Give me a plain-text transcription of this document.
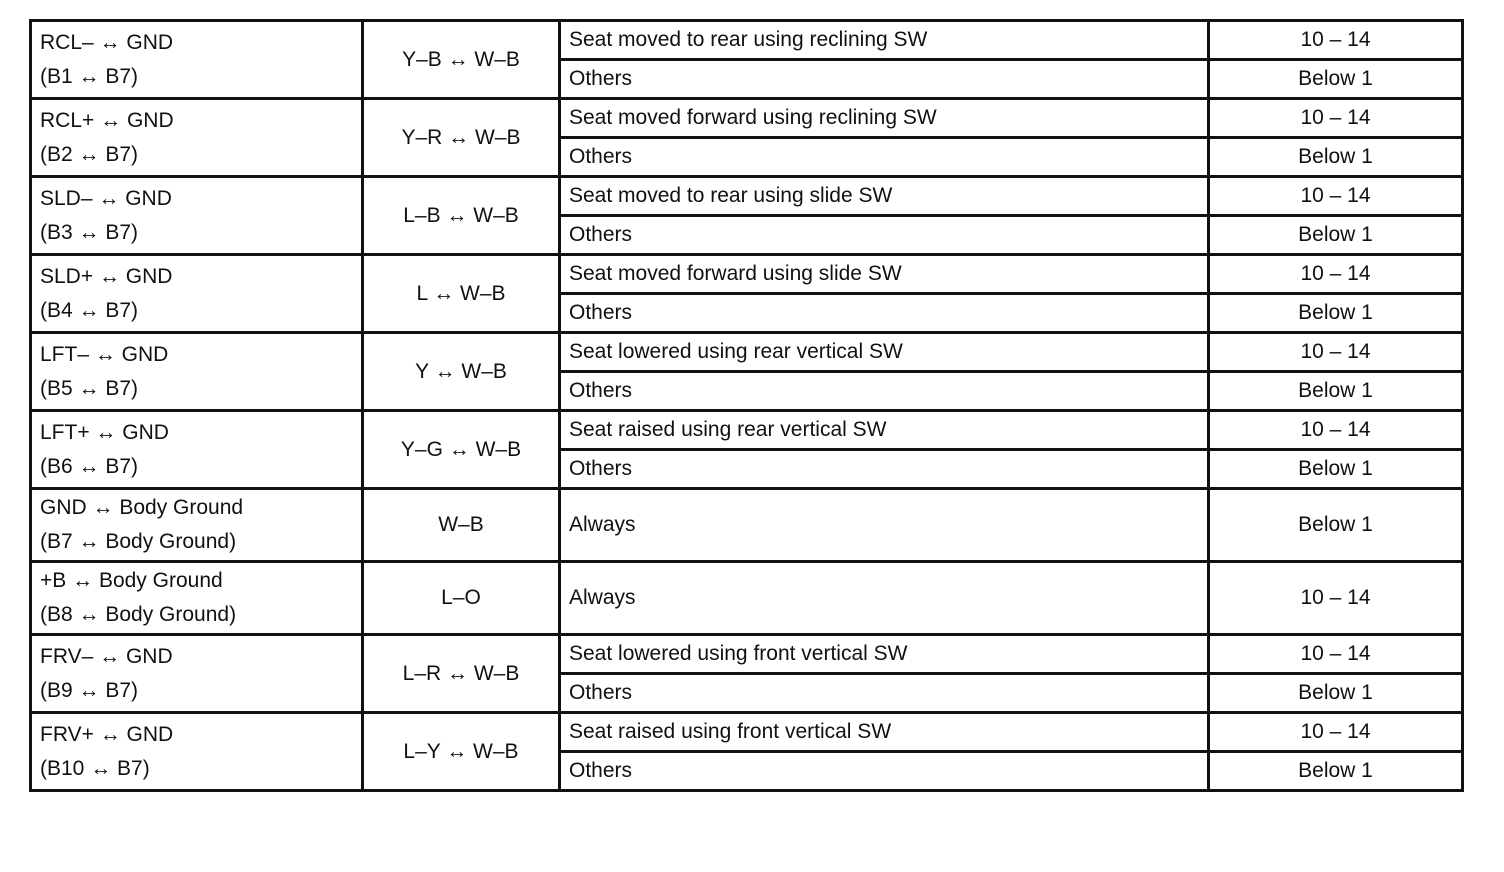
RCL– ↔ GND
(B1 ↔ B7)	Y–B ↔ W–B	Seat moved to rear using reclining SW	10 – 14
		Others	Below 1

RCL+ ↔ GND
(B2 ↔ B7)	Y–R ↔ W–B	Seat moved forward using reclining SW	10 – 14
		Others	Below 1

SLD– ↔ GND
(B3 ↔ B7)	L–B ↔ W–B	Seat moved to rear using slide SW	10 – 14
		Others	Below 1

SLD+ ↔ GND
(B4 ↔ B7)	L ↔ W–B	Seat moved forward using slide SW	10 – 14
		Others	Below 1

LFT– ↔ GND
(B5 ↔ B7)	Y ↔ W–B	Seat lowered using rear vertical SW	10 – 14
		Others	Below 1

LFT+ ↔ GND
(B6 ↔ B7)	Y–G ↔ W–B	Seat raised using rear vertical SW	10 – 14
		Others	Below 1

GND ↔ Body Ground
(B7 ↔ Body Ground)	W–B	Always	Below 1

+B ↔ Body Ground
(B8 ↔ Body Ground)	L–O	Always	10 – 14

FRV– ↔ GND
(B9 ↔ B7)	L–R ↔ W–B	Seat lowered using front vertical SW	10 – 14
		Others	Below 1

FRV+ ↔ GND
(B10 ↔ B7)	L–Y ↔ W–B	Seat raised using front vertical SW	10 – 14
		Others	Below 1
